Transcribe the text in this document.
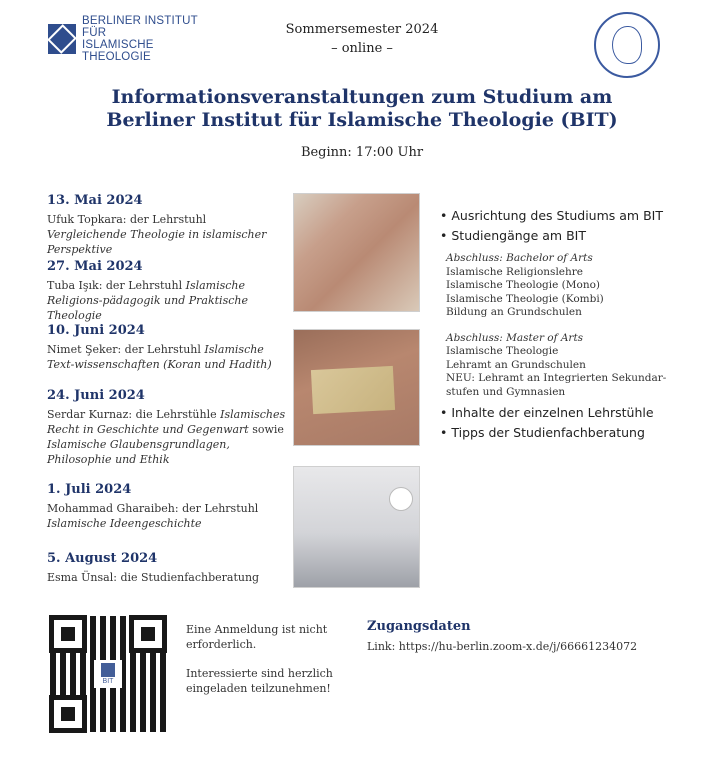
BERLINER INSTITUT FÜR
ISLAMISCHE THEOLOGIE
Sommersemester 2024
– online –
Informationsveranstaltungen zum Studium am
Berliner Institut für Islamische Theologie (BIT)
Beginn: 17:00 Uhr
13. Mai 2024
Ufuk Topkara: der Lehrstuhl Vergleichende Theologie in islamischer Perspektive
27. Mai 2024
Tuba Işık: der Lehrstuhl Islamische Religions-pädagogik und Praktische Theologie
10. Juni 2024
Nimet Şeker: der Lehrstuhl Islamische Text-wissenschaften (Koran und Hadith)
24. Juni 2024
Serdar Kurnaz: die Lehrstühle Islamisches Recht in Geschichte und Gegenwart sowie Islamische Glaubensgrundlagen, Philosophie und Ethik
1. Juli 2024
Mohammad Gharaibeh: der Lehrstuhl Islamische Ideengeschichte
5. August 2024
Esma Ünsal: die Studienfachberatung
• Ausrichtung des Studiums am BIT
• Studiengänge am BIT
Abschluss: Bachelor of Arts
Islamische Religionslehre
Islamische Theologie (Mono)
Islamische Theologie (Kombi)
Bildung an Grundschulen
Abschluss: Master of Arts
Islamische Theologie
Lehramt an Grundschulen
NEU: Lehramt an Integrierten Sekundar-
stufen und Gymnasien
• Inhalte der einzelnen Lehrstühle
• Tipps der Studienfachberatung
BIT

Eine Anmeldung ist nicht erforderlich.

Interessierte sind herzlich eingeladen teilzunehmen!

Zugangsdaten
Link: https://hu-berlin.zoom-x.de/j/66661234072
